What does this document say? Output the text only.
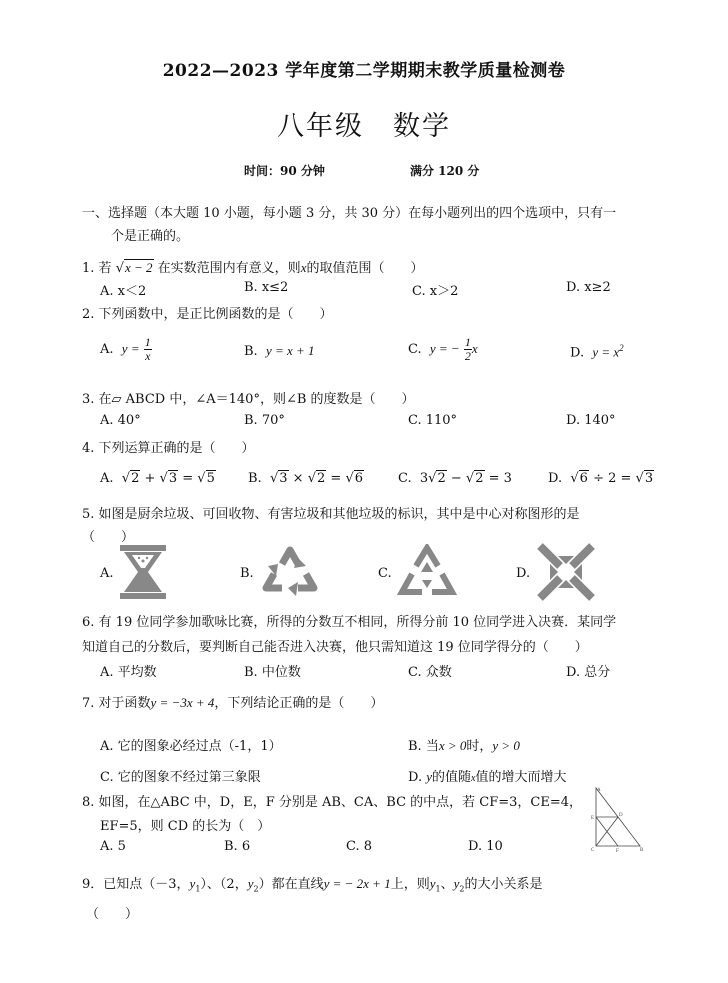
2022—2023 学年度第二学期期末教学质量检测卷
八年级　数学
时间：90 分钟	满分 120 分
一、选择题（本大题 10 小题，每小题 3 分，共 30 分）在每小题列出的四个选项中，只有一
个是正确的。
1. 若 √x − 2 在实数范围内有意义，则x的取值范围（　　）
A. x＜2	B. x≤2	C. x＞2	D. x≥2
2. 下列函数中，是正比例函数的是（　　）
A. $y = \frac{1}{x}$	B. y = x + 1	C. y = − $\frac{1}{2}$ x	D. $y = x^2$
3. 在▱ ABCD 中，∠A＝140°，则∠B 的度数是（　　）
A. 40°	B. 70°	C. 110°	D. 140°
4. 下列运算正确的是（　　）
A.  √2 + √3 = √5	B.  √3 × √2 = √6	C. 3√2 − √2 = 3	D.  √6 ÷ 2 = √3
5. 如图是厨余垃圾、可回收物、有害垃圾和其他垃圾的标识，其中是中心对称图形的是
（　　）
A.	B.	C.	D.
6. 有 19 位同学参加歌咏比赛，所得的分数互不相同，所得分前 10 位同学进入决赛．某同学
知道自己的分数后，要判断自己能否进入决赛，他只需知道这 19 位同学得分的（　　）
A. 平均数	B. 中位数	C. 众数	D. 总分
7. 对于函数y = −3x + 4，下列结论正确的是（　　）
A. 它的图象必经过点（-1，1）	B. 当x > 0时，y > 0
C. 它的图象不经过第三象限	D. y的值随x值的增大而增大
8. 如图，在△ABC 中，D，E，F 分别是 AB、CA、BC 的中点，若 CF=3，CE=4，
EF=5，则 CD 的长为（　）
A. 5	B. 6	C. 8	D. 10
A
D
E
C	F	B
9．已知点（－3，$y_1$）、（2，$y_2$）都在直线y = − 2x + 1上，则$y_1$、$y_2$的大小关系是
（　　）
